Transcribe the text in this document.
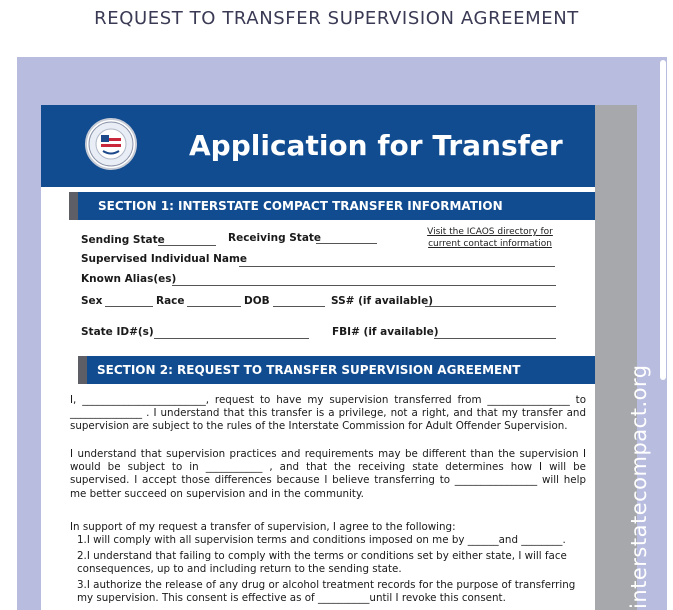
REQUEST TO TRANSFER SUPERVISION AGREEMENT
Application for Transfer
SECTION 1: INTERSTATE COMPACT TRANSFER INFORMATION
Sending State	Receiving State	Visit the ICAOS directory for
current contact information
Supervised Individual Name
Known Alias(es)
Sex	Race	DOB	SS# (if available)
State ID#(s)	FBI# (if available)
SECTION 2: REQUEST TO TRANSFER SUPERVISION AGREEMENT
I, ________________________, request to have my supervision transferred from ________________ to ______________ . I understand that this transfer is a privilege, not a right, and that my transfer and supervision are subject to the rules of the Interstate Commission for Adult Offender Supervision.
I understand that supervision practices and requirements may be different than the supervision I would be subject to in ___________ , and that the receiving state determines how I will be supervised. I accept those differences because I believe transferring to ________________ will help me better succeed on supervision and in the community.
In support of my request a transfer of supervision, I agree to the following:
1.I will comply with all supervision terms and conditions imposed on me by ______and ________.
2.I understand that failing to comply with the terms or conditions set by either state, I will face consequences, up to and including return to the sending state.
3.I authorize the release of any drug or alcohol treatment records for the purpose of transferring my supervision. This consent is effective as of __________until I revoke this consent.	interstatecompact.org
